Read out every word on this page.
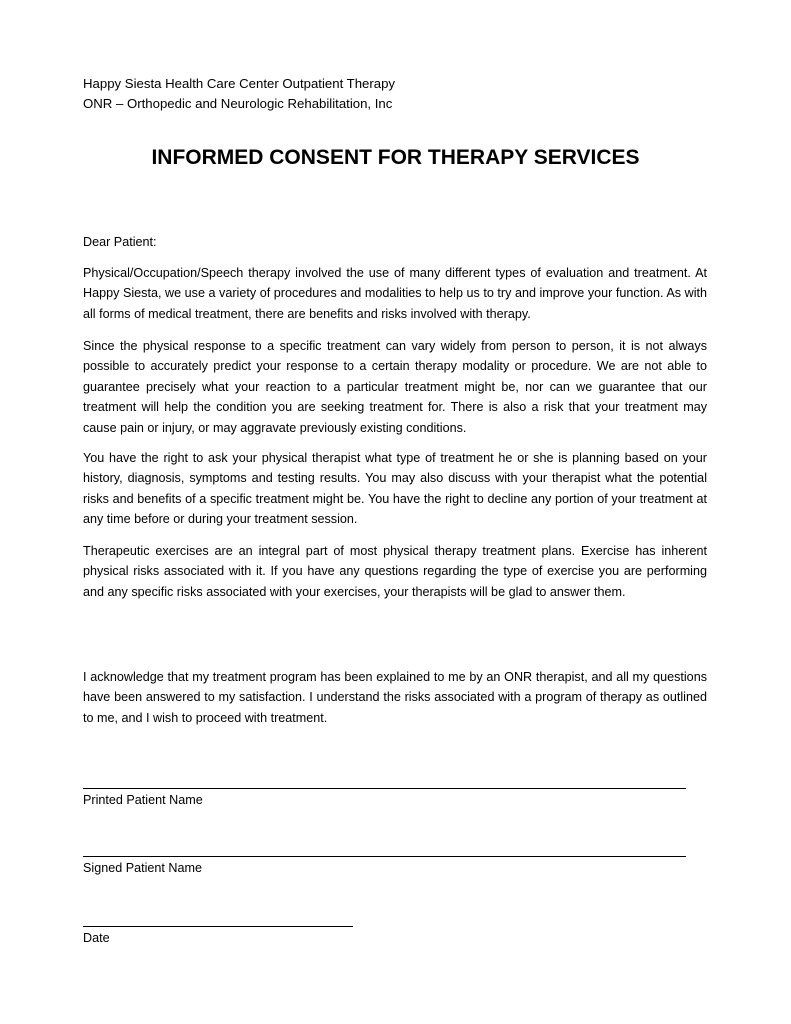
Happy Siesta Health Care Center Outpatient Therapy
ONR – Orthopedic and Neurologic Rehabilitation, Inc
INFORMED CONSENT FOR THERAPY SERVICES

Dear Patient:

Physical/Occupation/Speech therapy involved the use of many different types of evaluation and treatment. At Happy Siesta, we use a variety of procedures and modalities to help us to try and improve your function. As with all forms of medical treatment, there are benefits and risks involved with therapy.

Since the physical response to a specific treatment can vary widely from person to person, it is not always possible to accurately predict your response to a certain therapy modality or procedure. We are not able to guarantee precisely what your reaction to a particular treatment might be, nor can we guarantee that our treatment will help the condition you are seeking treatment for. There is also a risk that your treatment may cause pain or injury, or may aggravate previously existing conditions.

You have the right to ask your physical therapist what type of treatment he or she is planning based on your history, diagnosis, symptoms and testing results. You may also discuss with your therapist what the potential risks and benefits of a specific treatment might be. You have the right to decline any portion of your treatment at any time before or during your treatment session.

Therapeutic exercises are an integral part of most physical therapy treatment plans. Exercise has inherent physical risks associated with it. If you have any questions regarding the type of exercise you are performing and any specific risks associated with your exercises, your therapists will be glad to answer them.

I acknowledge that my treatment program has been explained to me by an ONR therapist, and all my questions have been answered to my satisfaction. I understand the risks associated with a program of therapy as outlined to me, and I wish to proceed with treatment.

Printed Patient Name
Signed Patient Name
Date
